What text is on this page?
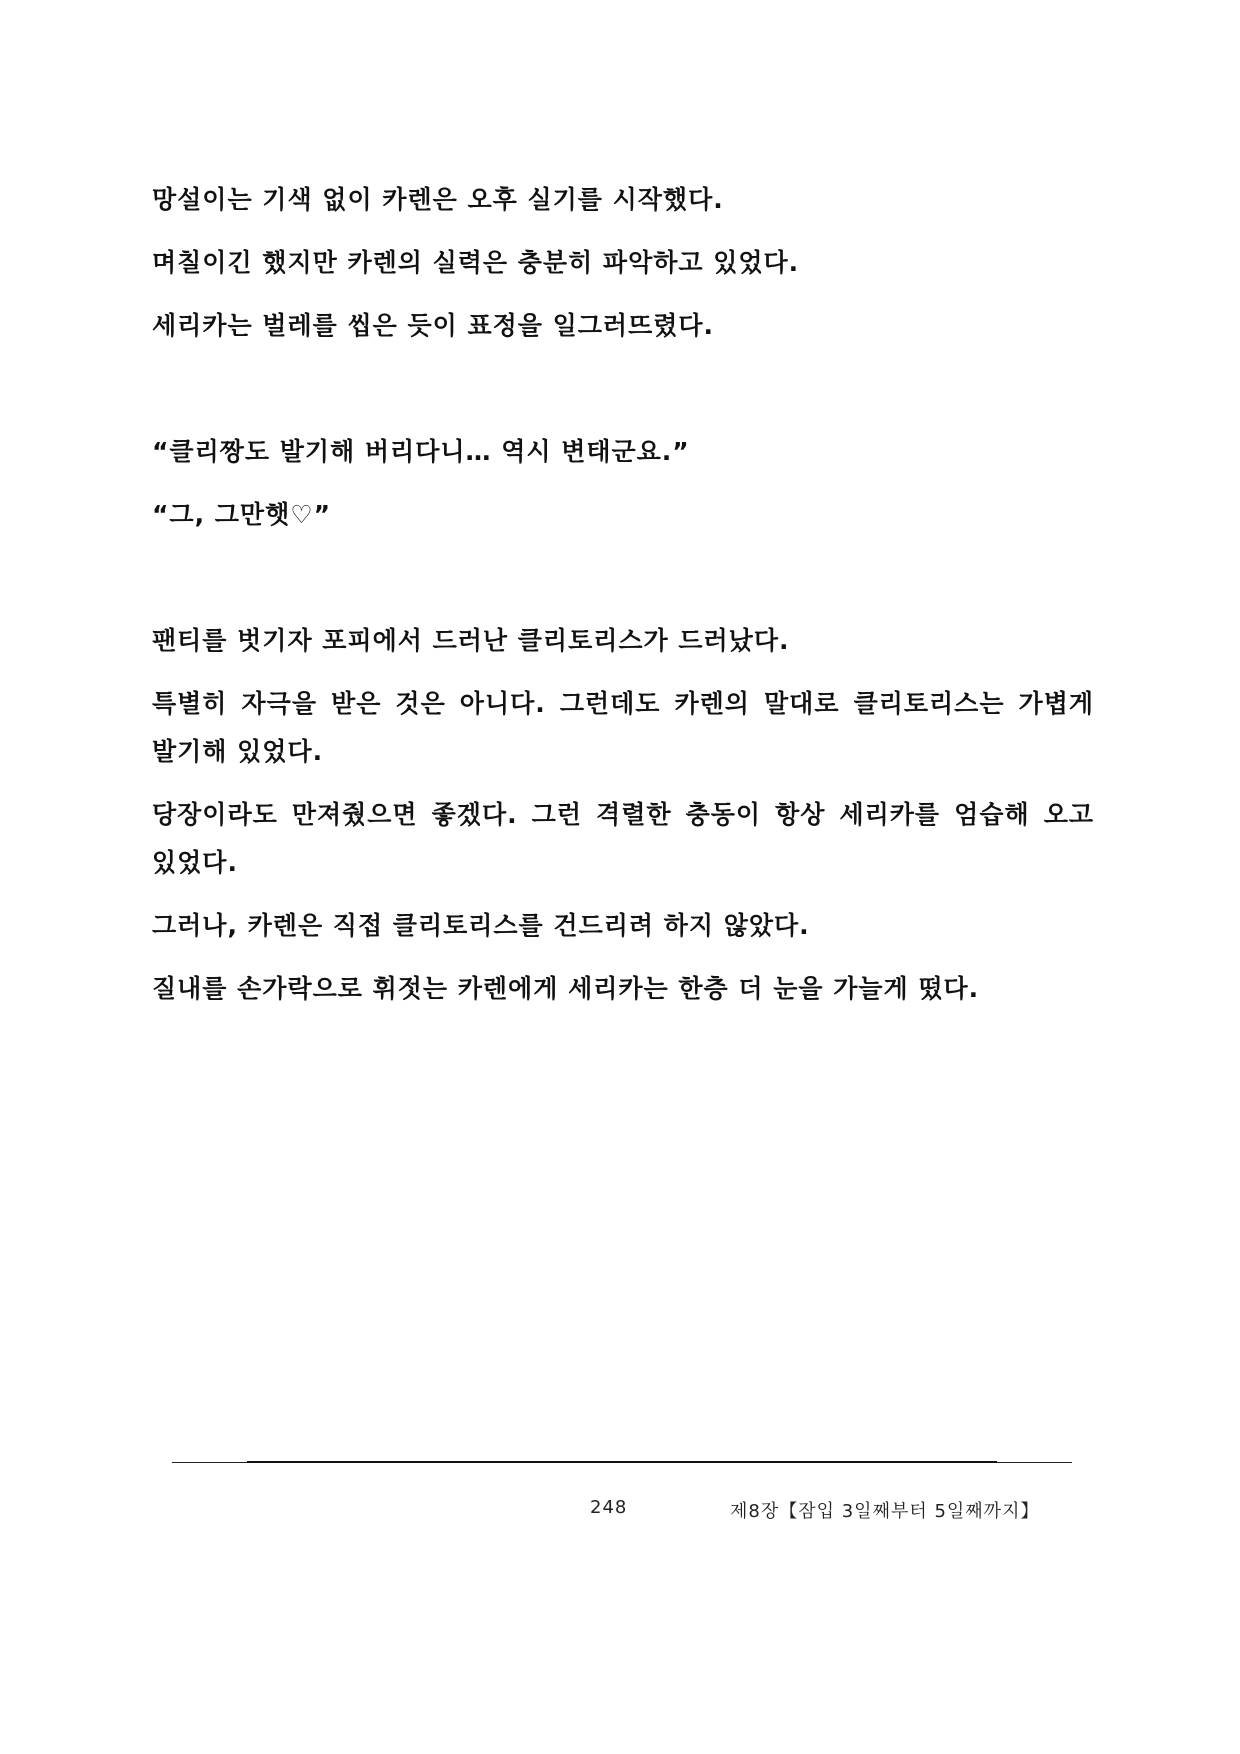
망설이는 기색 없이 카렌은 오후 실기를 시작했다.

며칠이긴 했지만 카렌의 실력은 충분히 파악하고 있었다.

세리카는 벌레를 씹은 듯이 표정을 일그러뜨렸다.

“클리짱도 발기해 버리다니… 역시 변태군요.”

“그, 그만햇♡”

팬티를 벗기자 포피에서 드러난 클리토리스가 드러났다.

특별히 자극을 받은 것은 아니다. 그런데도 카렌의 말대로 클리토리스는 가볍게 발기해 있었다.

당장이라도 만져줬으면 좋겠다. 그런 격렬한 충동이 항상 세리카를 엄습해 오고 있었다.

그러나, 카렌은 직접 클리토리스를 건드리려 하지 않았다.

질내를 손가락으로 휘젓는 카렌에게 세리카는 한층 더 눈을 가늘게 떴다.

248	제8장【잠입 3일째부터 5일째까지】
